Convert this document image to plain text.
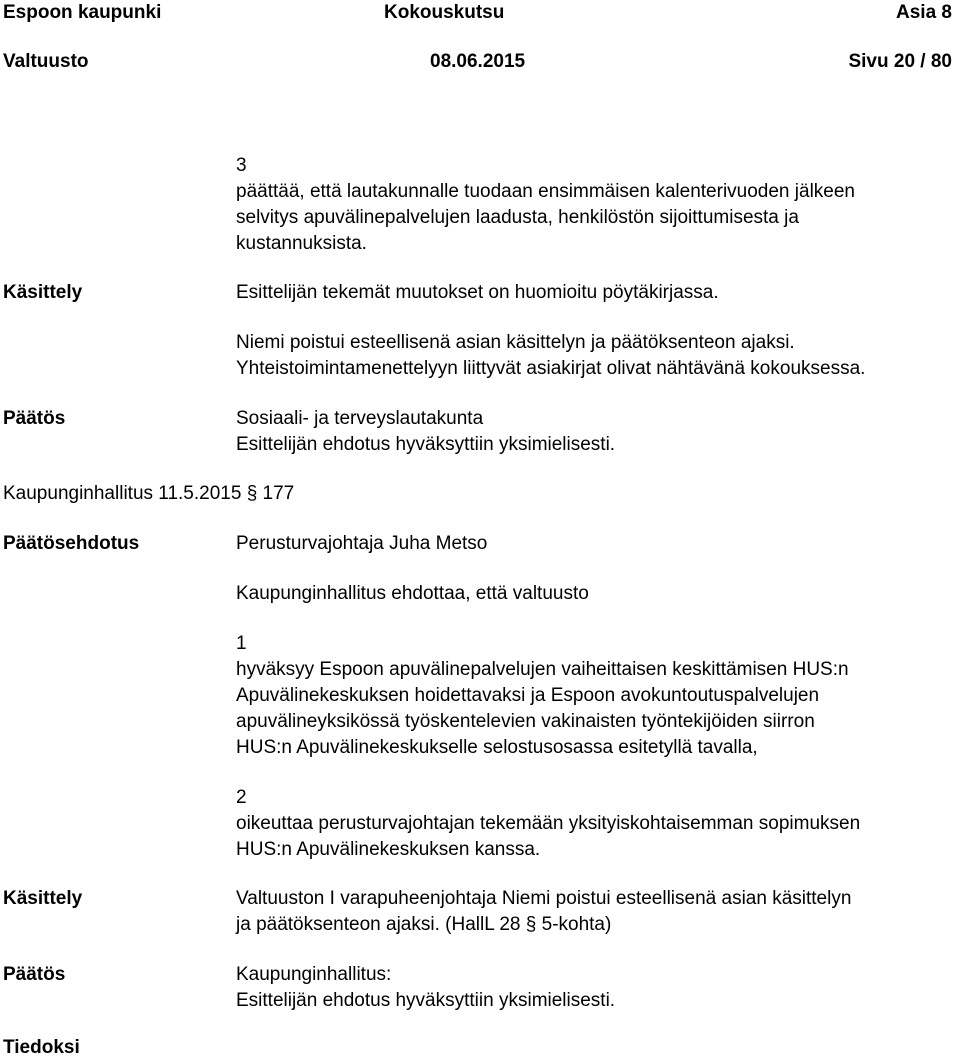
Espoon kaupunki	Kokouskutsu	Asia 8
Valtuusto	08.06.2015	Sivu 20 / 80
3
päättää, että lautakunnalle tuodaan ensimmäisen kalenterivuoden jälkeen
selvitys apuvälinepalvelujen laadusta, henkilöstön sijoittumisesta ja
kustannuksista.
Käsittely	Esittelijän tekemät muutokset on huomioitu pöytäkirjassa.
Niemi poistui esteellisenä asian käsittelyn ja päätöksenteon ajaksi.
Yhteistoimintamenettelyyn liittyvät asiakirjat olivat nähtävänä kokouksessa.
Päätös	Sosiaali- ja terveyslautakunta
Esittelijän ehdotus hyväksyttiin yksimielisesti.
Kaupunginhallitus 11.5.2015 § 177
Päätösehdotus	Perusturvajohtaja Juha Metso
Kaupunginhallitus ehdottaa, että valtuusto
1
hyväksyy Espoon apuvälinepalvelujen vaiheittaisen keskittämisen HUS:n
Apuvälinekeskuksen hoidettavaksi ja Espoon avokuntoutuspalvelujen
apuvälineyksikössä työskentelevien vakinaisten työntekijöiden siirron
HUS:n Apuvälinekeskukselle selostusosassa esitetyllä tavalla,
2
oikeuttaa perusturvajohtajan tekemään yksityiskohtaisemman sopimuksen
HUS:n Apuvälinekeskuksen kanssa.
Käsittely	Valtuuston I varapuheenjohtaja Niemi poistui esteellisenä asian käsittelyn
ja päätöksenteon ajaksi. (HallL 28 § 5-kohta)
Päätös	Kaupunginhallitus:
Esittelijän ehdotus hyväksyttiin yksimielisesti.
Tiedoksi
